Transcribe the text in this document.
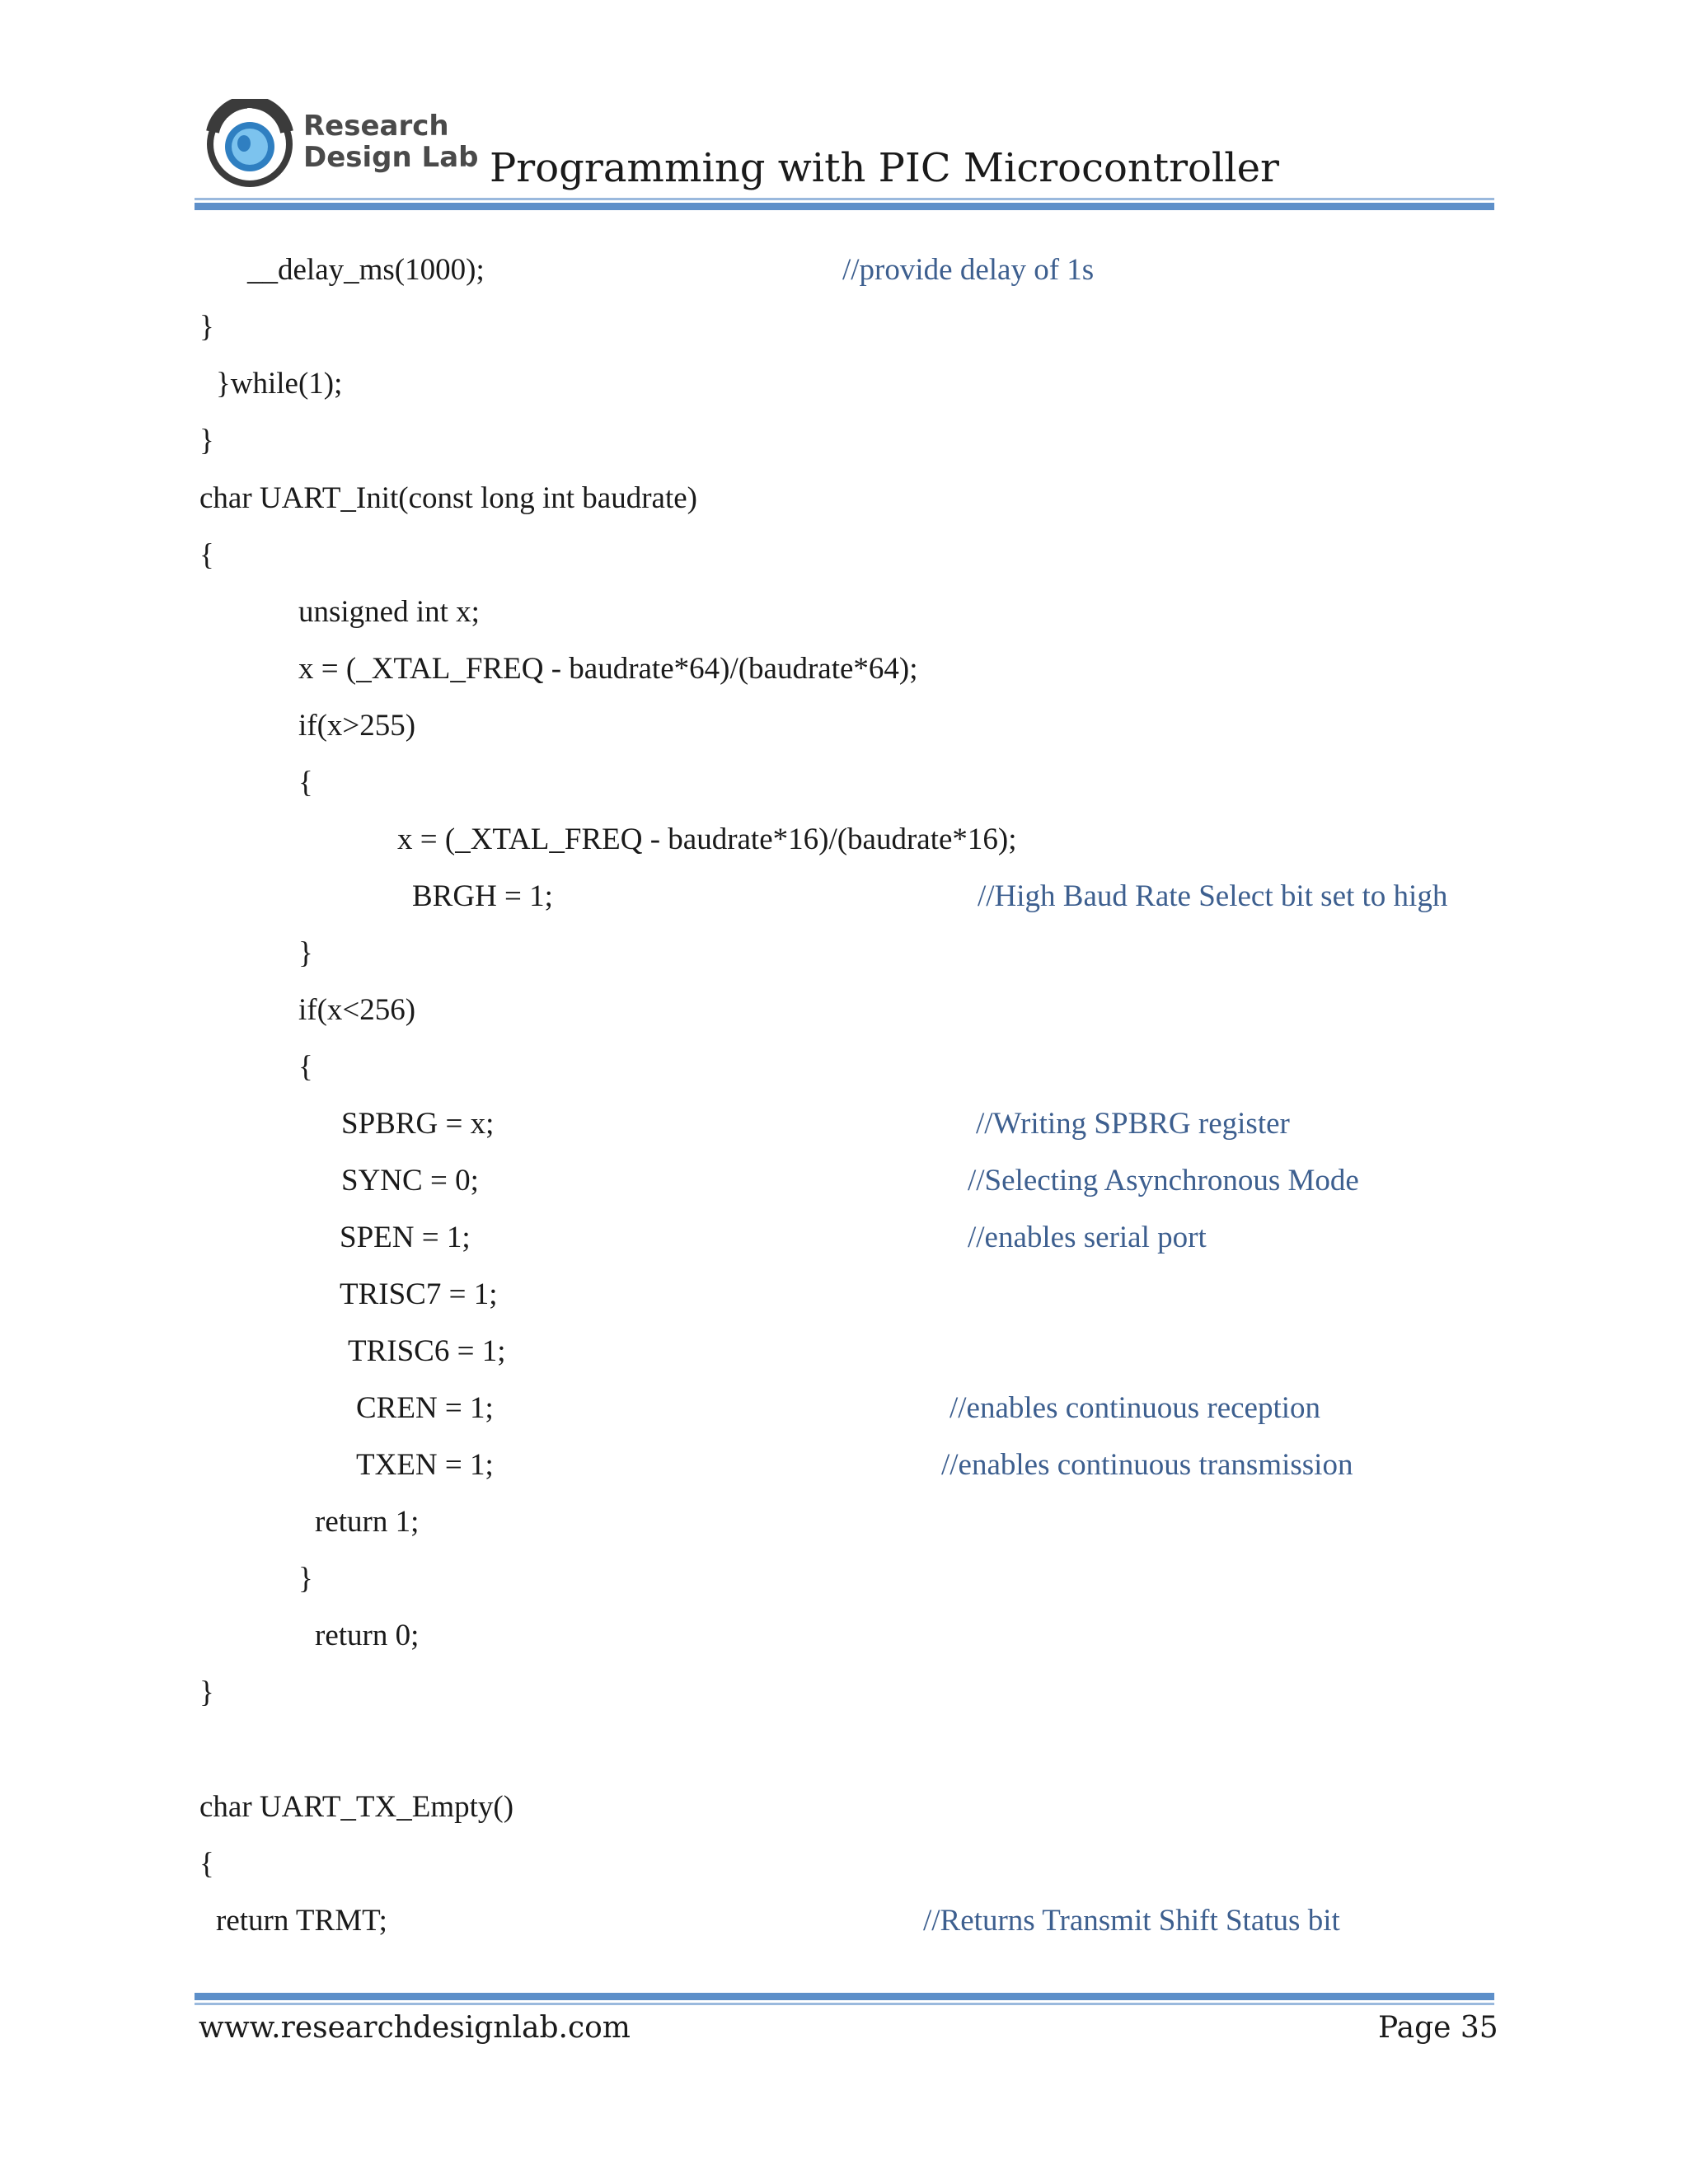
R
D
L Research
Design Lab Programming with PIC Microcontroller
__delay_ms(1000);	//provide delay of 1s
}
}while(1);
}
char UART_Init(const long int baudrate)
{
unsigned int x;
x = (_XTAL_FREQ - baudrate*64)/(baudrate*64);
if(x>255)
{
x = (_XTAL_FREQ - baudrate*16)/(baudrate*16);
BRGH = 1;	//High Baud Rate Select bit set to high
}
if(x<256)
{
SPBRG = x;	//Writing SPBRG register
SYNC = 0;	//Selecting Asynchronous Mode
SPEN = 1;	//enables serial port
TRISC7 = 1;
TRISC6 = 1;
CREN = 1;	//enables continuous reception
TXEN = 1;	//enables continuous transmission
return 1;
}
return 0;
}
char UART_TX_Empty()
{
return TRMT;	//Returns Transmit Shift Status bit
www.researchdesignlab.com	Page 35
